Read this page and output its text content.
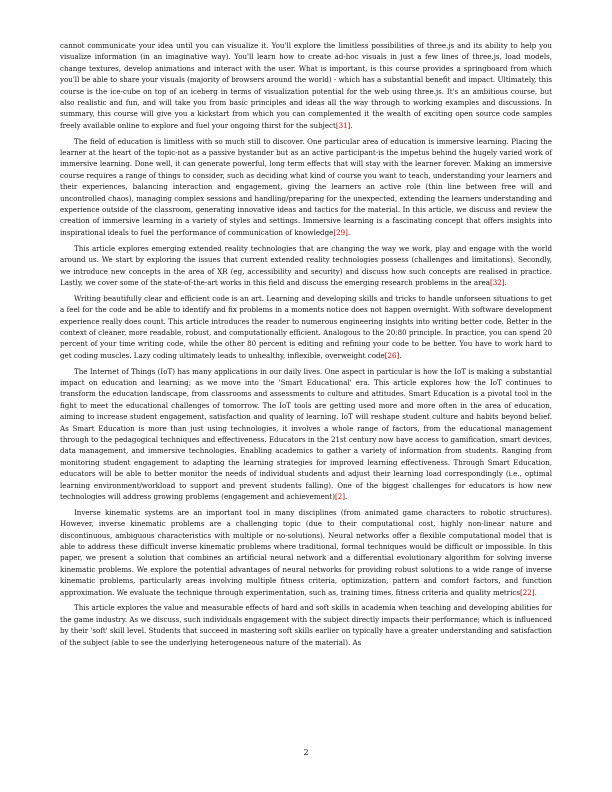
cannot communicate your idea until you can visualize it. You'll explore the limitless possibilities of three.js and its ability to help you visualize information (in an imaginative way). You'll learn how to create ad-hoc visuals in just a few lines of three.js, load models, change textures, develop animations and interact with the user. What is important, is this course provides a springboard from which you'll be able to share your visuals (majority of browsers around the world) - which has a substantial benefit and impact. Ultimately, this course is the ice-cube on top of an iceberg in terms of visualization potential for the web using three.js. It's an ambitious course, but also realistic and fun, and will take you from basic principles and ideas all the way through to working examples and discussions. In summary, this course will give you a kickstart from which you can complemented it the wealth of exciting open source code samples freely available online to explore and fuel your ongoing thirst for the subject[31].

The field of education is limitless with so much still to discover. One particular area of education is immersive learning. Placing the learner at the heart of the topic-not as a passive bystander but as an active participant-is the impetus behind the hugely varied work of immersive learning. Done well, it can generate powerful, long term effects that will stay with the learner forever. Making an immersive course requires a range of things to consider, such as deciding what kind of course you want to teach, understanding your learners and their experiences, balancing interaction and engagement, giving the learners an active role (thin line between free will and uncontrolled chaos), managing complex sessions and handling/preparing for the unexpected, extending the learners understanding and experience outside of the classroom, generating innovative ideas and tactics for the material. In this article, we discuss and review the creation of immersive learning in a variety of styles and settings. Immersive learning is a fascinating concept that offers insights into inspirational ideals to fuel the performance of communication of knowledge[29].

This article explores emerging extended reality technologies that are changing the way we work, play and engage with the world around us. We start by exploring the issues that current extended reality technologies possess (challenges and limitations). Secondly, we introduce new concepts in the area of XR (eg, accessibility and security) and discuss how such concepts are realised in practice. Lastly, we cover some of the state-of-the-art works in this field and discuss the emerging research problems in the area[32].

Writing beautifully clear and efficient code is an art. Learning and developing skills and tricks to handle unforseen situations to get a feel for the code and be able to identify and fix problems in a moments notice does not happen overnight. With software development experience really does count. This article introduces the reader to numerous engineering insights into writing better code. Better in the context of cleaner, more readable, robust, and computationally efficient. Analogous to the 20:80 principle. In practice, you can spend 20 percent of your time writing code, while the other 80 percent is editing and refining your code to be better. You have to work hard to get coding muscles. Lazy coding ultimately leads to unhealthy, inflexible, overweight code[26].

The Internet of Things (IoT) has many applications in our daily lives. One aspect in particular is how the IoT is making a substantial impact on education and learning; as we move into the 'Smart Educational' era. This article explores how the IoT continues to transform the education landscape, from classrooms and assessments to culture and attitudes. Smart Education is a pivotal tool in the fight to meet the educational challenges of tomorrow. The IoT tools are getting used more and more often in the area of education, aiming to increase student engagement, satisfaction and quality of learning. IoT will reshape student culture and habits beyond belief. As Smart Education is more than just using technologies, it involves a whole range of factors, from the educational management through to the pedagogical techniques and effectiveness. Educators in the 21st century now have access to gamification, smart devices, data management, and immersive technologies. Enabling academics to gather a variety of information from students. Ranging from monitoring student engagement to adapting the learning strategies for improved learning effectiveness. Through Smart Education, educators will be able to better monitor the needs of individual students and adjust their learning load correspondingly (i.e., optimal learning environment/workload to support and prevent students falling). One of the biggest challenges for educators is how new technologies will address growing problems (engagement and achievement)[2].

Inverse kinematic systems are an important tool in many disciplines (from animated game characters to robotic structures). However, inverse kinematic problems are a challenging topic (due to their computational cost, highly non-linear nature and discontinuous, ambiguous characteristics with multiple or no-solutions). Neural networks offer a flexible computational model that is able to address these difficult inverse kinematic problems where traditional, formal techniques would be difficult or impossible. In this paper, we present a solution that combines an artificial neural network and a differential evolutionary algorithm for solving inverse kinematic problems. We explore the potential advantages of neural networks for providing robust solutions to a wide range of inverse kinematic problems, particularly areas involving multiple fitness criteria, optimization, pattern and comfort factors, and function approximation. We evaluate the technique through experimentation, such as, training times, fitness criteria and quality metrics[22].

This article explores the value and measurable effects of hard and soft skills in academia when teaching and developing abilities for the game industry. As we discuss, such individuals engagement with the subject directly impacts their performance; which is influenced by their 'soft' skill level. Students that succeed in mastering soft skills earlier on typically have a greater understanding and satisfaction of the subject (able to see the underlying heterogeneous nature of the material). As

2
